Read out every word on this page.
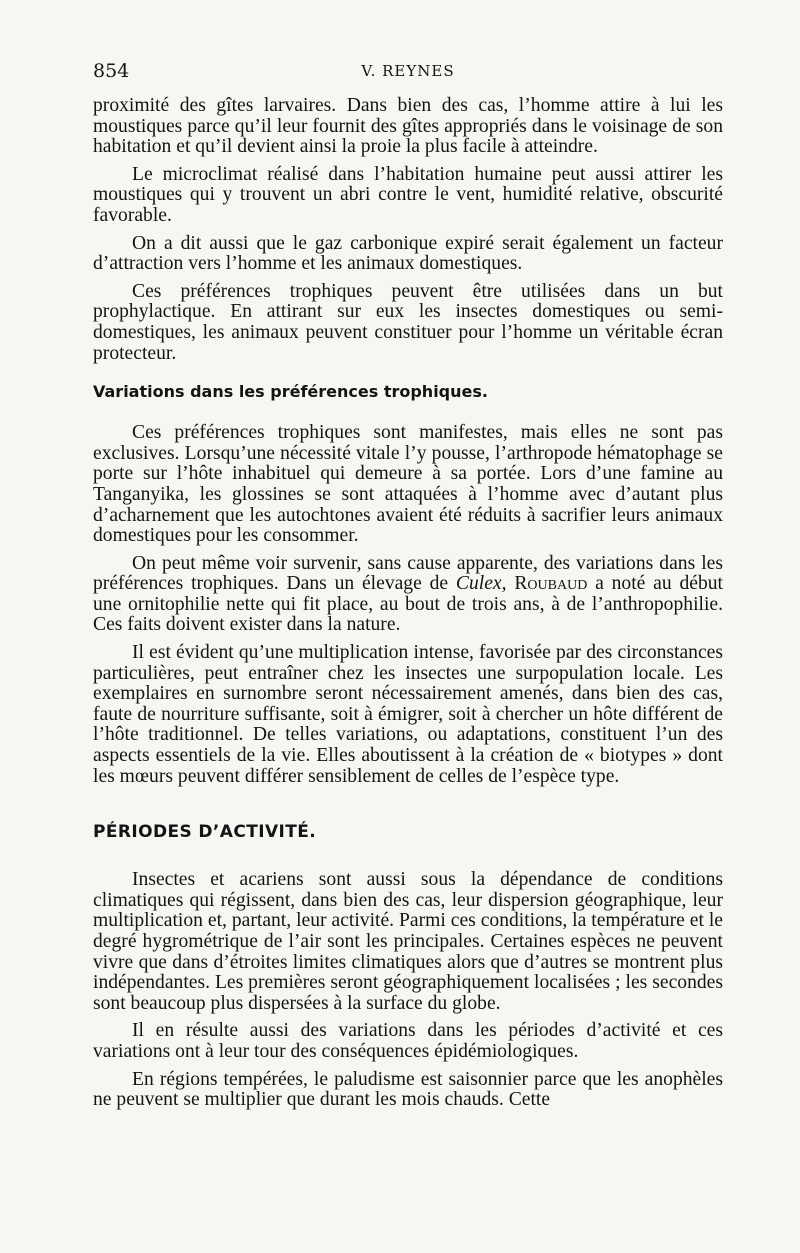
854	V. REYNES

proximité des gîtes larvaires. Dans bien des cas, l’homme attire à lui les moustiques parce qu’il leur fournit des gîtes appropriés dans le voisinage de son habitation et qu’il devient ainsi la proie la plus facile à atteindre.

Le microclimat réalisé dans l’habitation humaine peut aussi attirer les moustiques qui y trouvent un abri contre le vent, humidité relative, obscurité favorable.

On a dit aussi que le gaz carbonique expiré serait également un facteur d’attraction vers l’homme et les animaux domestiques.

Ces préférences trophiques peuvent être utilisées dans un but prophylactique. En attirant sur eux les insectes domestiques ou semi-domestiques, les animaux peuvent constituer pour l’homme un véritable écran protecteur.

Variations dans les préférences trophiques.

Ces préférences trophiques sont manifestes, mais elles ne sont pas exclusives. Lorsqu’une nécessité vitale l’y pousse, l’arthropode hématophage se porte sur l’hôte inhabituel qui demeure à sa portée. Lors d’une famine au Tanganyika, les glossines se sont attaquées à l’homme avec d’autant plus d’acharnement que les autochtones avaient été réduits à sacrifier leurs animaux domestiques pour les consommer.

On peut même voir survenir, sans cause apparente, des variations dans les préférences trophiques. Dans un élevage de Culex, Roubaud a noté au début une ornitophilie nette qui fit place, au bout de trois ans, à de l’anthropophilie. Ces faits doivent exister dans la nature.

Il est évident qu’une multiplication intense, favorisée par des circonstances particulières, peut entraîner chez les insectes une surpopulation locale. Les exemplaires en surnombre seront nécessairement amenés, dans bien des cas, faute de nourriture suffisante, soit à émigrer, soit à chercher un hôte différent de l’hôte traditionnel. De telles variations, ou adaptations, constituent l’un des aspects essentiels de la vie. Elles aboutissent à la création de « biotypes » dont les mœurs peuvent différer sensiblement de celles de l’espèce type.

PÉRIODES D’ACTIVITÉ.

Insectes et acariens sont aussi sous la dépendance de conditions climatiques qui régissent, dans bien des cas, leur dispersion géographique, leur multiplication et, partant, leur activité. Parmi ces conditions, la température et le degré hygrométrique de l’air sont les principales. Certaines espèces ne peuvent vivre que dans d’étroites limites climatiques alors que d’autres se montrent plus indépendantes. Les premières seront géographiquement localisées ; les secondes sont beaucoup plus dispersées à la surface du globe.

Il en résulte aussi des variations dans les périodes d’activité et ces variations ont à leur tour des conséquences épidémiologiques.

En régions tempérées, le paludisme est saisonnier parce que les anophèles ne peuvent se multiplier que durant les mois chauds. Cette
